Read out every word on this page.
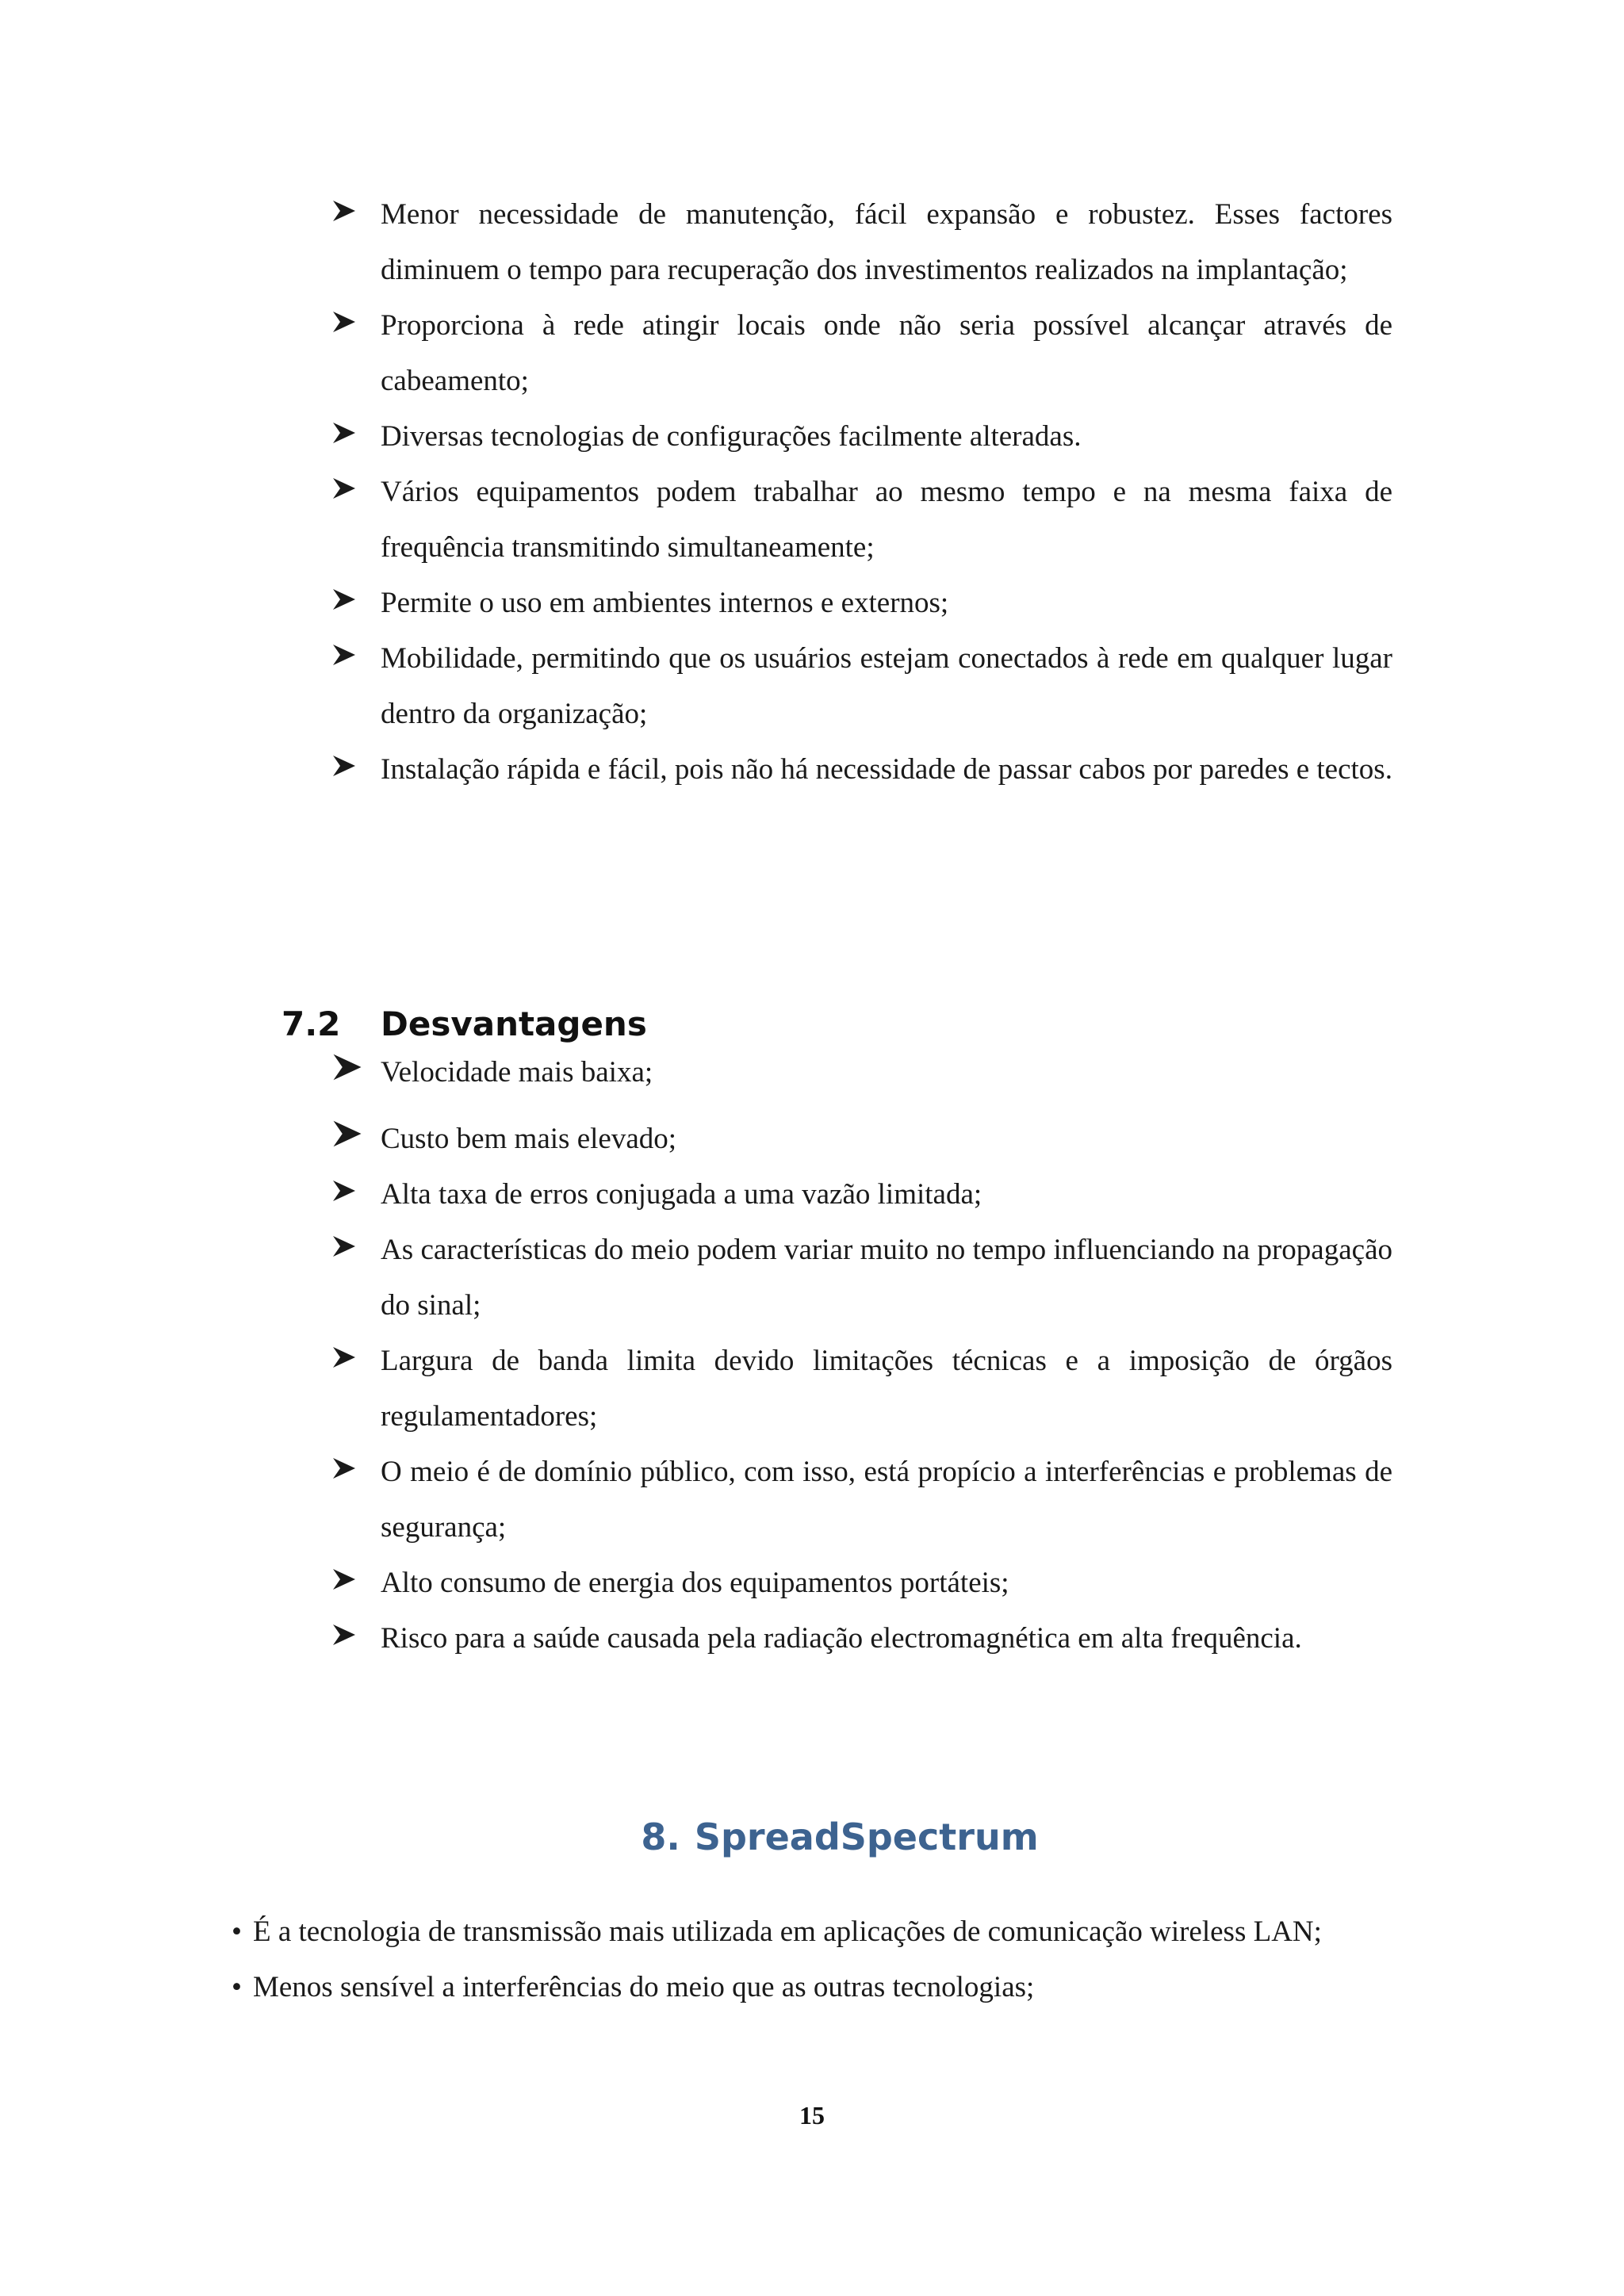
Menor necessidade de manutenção, fácil expansão e robustez. Esses factores diminuem o tempo para recuperação dos investimentos realizados na implantação;
Proporciona à rede atingir locais onde não seria possível alcançar através de cabeamento;
Diversas tecnologias de configurações facilmente alteradas.
Vários equipamentos podem trabalhar ao mesmo tempo e na mesma faixa de frequência transmitindo simultaneamente;
Permite o uso em ambientes internos e externos;
Mobilidade, permitindo que os usuários estejam conectados à rede em qualquer lugar dentro da organização;
Instalação rápida e fácil, pois não há necessidade de passar cabos por paredes e tectos.
7.2 Desvantagens
Velocidade mais baixa;
Custo bem mais elevado;
Alta taxa de erros conjugada a uma vazão limitada;
As características do meio podem variar muito no tempo influenciando na propagação do sinal;
Largura de banda limita devido limitações técnicas e a imposição de órgãos regulamentadores;
O meio é de domínio público, com isso, está propício a interferências e problemas de segurança;
Alto consumo de energia dos equipamentos portáteis;
Risco para a saúde causada pela radiação electromagnética em alta frequência.
8. SpreadSpectrum
• É a tecnologia de transmissão mais utilizada em aplicações de comunicação wireless LAN;
• Menos sensível a interferências do meio que as outras tecnologias;
15
